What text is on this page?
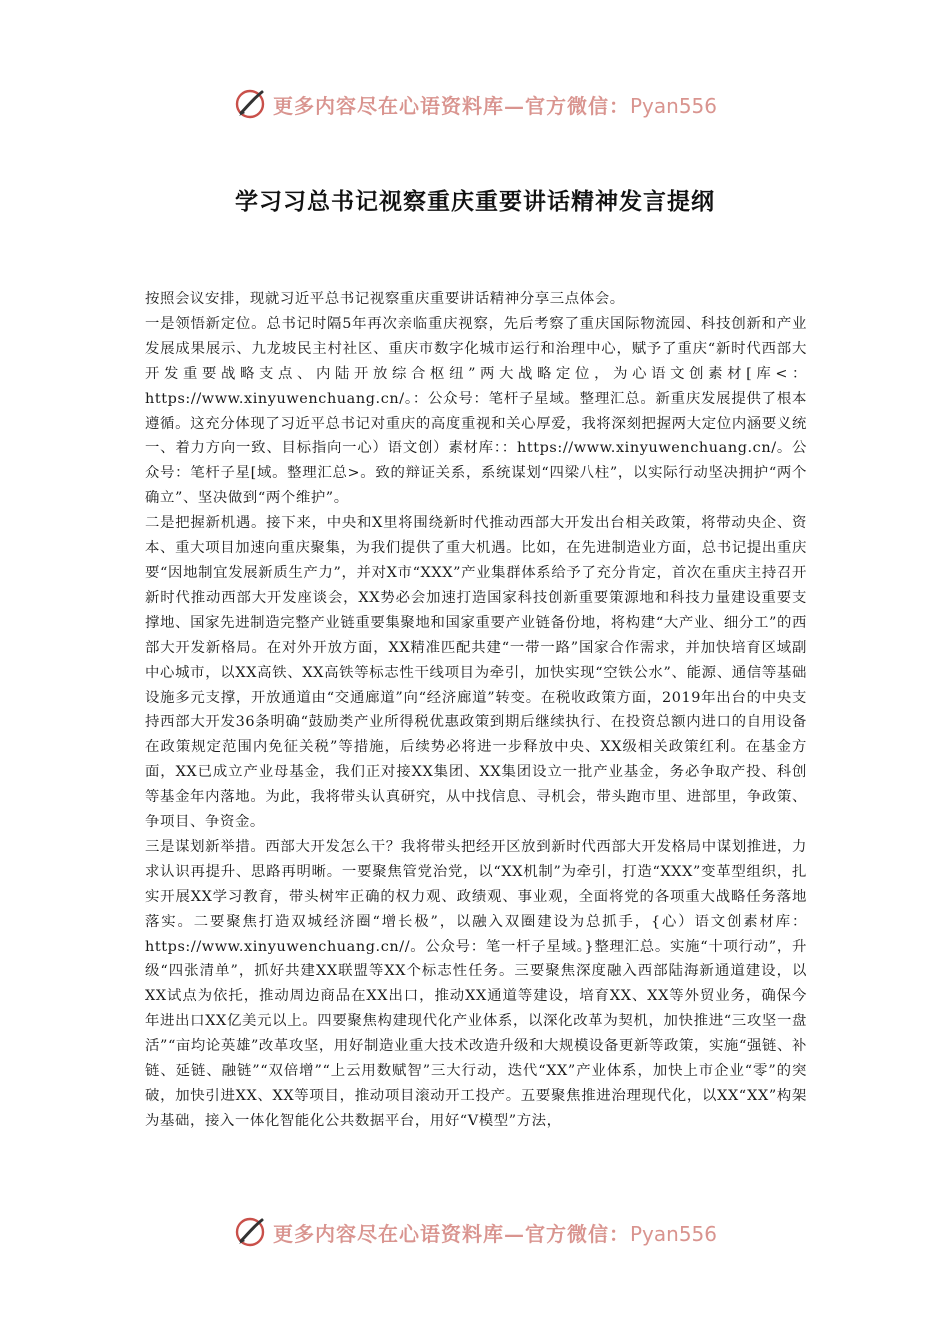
更多内容尽在心语资料库—官方微信：Pyan556
学习习总书记视察重庆重要讲话精神发言提纲

按照会议安排，现就习近平总书记视察重庆重要讲话精神分享三点体会。

一是领悟新定位。总书记时隔5年再次亲临重庆视察，先后考察了重庆国际物流园、科技创新和产业发展成果展示、九龙坡民主村社区、重庆市数字化城市运行和治理中心，赋予了重庆“新时代西部大开发重要战略支点、内陆开放综合枢纽”两大战略定位，为心语文创素材[库<：https://www.xinyuwenchuang.cn/。：公众号：笔杆子星域。整理汇总。新重庆发展提供了根本遵循。这充分体现了习近平总书记对重庆的高度重视和关心厚爱，我将深刻把握两大定位内涵要义统一、着力方向一致、目标指向一心）语文创）素材库：：https://www.xinyuwenchuang.cn/。公众号：笔杆子星[域。整理汇总>。致的辩证关系，系统谋划“四梁八柱”，以实际行动坚决拥护“两个确立”、坚决做到“两个维护”。

二是把握新机遇。接下来，中央和X里将围绕新时代推动西部大开发出台相关政策，将带动央企、资本、重大项目加速向重庆聚集，为我们提供了重大机遇。比如，在先进制造业方面，总书记提出重庆要“因地制宜发展新质生产力”，并对X市“XXX”产业集群体系给予了充分肯定，首次在重庆主持召开新时代推动西部大开发座谈会，XX势必会加速打造国家科技创新重要策源地和科技力量建设重要支撑地、国家先进制造完整产业链重要集聚地和国家重要产业链备份地，将构建“大产业、细分工”的西部大开发新格局。在对外开放方面，XX精准匹配共建“一带一路”国家合作需求，并加快培育区域副中心城市，以XX高铁、XX高铁等标志性干线项目为牵引，加快实现“空铁公水”、能源、通信等基础设施多元支撑，开放通道由“交通廊道”向“经济廊道”转变。在税收政策方面，2019年出台的中央支持西部大开发36条明确“鼓励类产业所得税优惠政策到期后继续执行、在投资总额内进口的自用设备在政策规定范围内免征关税”等措施，后续势必将进一步释放中央、XX级相关政策红利。在基金方面，XX已成立产业母基金，我们正对接XX集团、XX集团设立一批产业基金，务必争取产投、科创等基金年内落地。为此，我将带头认真研究，从中找信息、寻机会，带头跑市里、进部里，争政策、争项目、争资金。

三是谋划新举措。西部大开发怎么干？我将带头把经开区放到新时代西部大开发格局中谋划推进，力求认识再提升、思路再明晰。一要聚焦管党治党，以“XX机制”为牵引，打造“XXX”变革型组织，扎实开展XX学习教育，带头树牢正确的权力观、政绩观、事业观，全面将党的各项重大战略任务落地落实。二要聚焦打造双城经济圈“增长极”，以融入双圈建设为总抓手，{心）语文创素材库：https://www.xinyuwenchuang.cn//。公众号：笔一杆子星域。}整理汇总。实施“十项行动”，升级“四张清单”，抓好共建XX联盟等XX个标志性任务。三要聚焦深度融入西部陆海新通道建设，以XX试点为依托，推动周边商品在XX出口，推动XX通道等建设，培育XX、XX等外贸业务，确保今年进出口XX亿美元以上。四要聚焦构建现代化产业体系，以深化改革为契机，加快推进“三攻坚一盘活”“亩均论英雄”改革攻坚，用好制造业重大技术改造升级和大规模设备更新等政策，实施“强链、补链、延链、融链”“双倍增”“上云用数赋智”三大行动，迭代“XX”产业体系，加快上市企业“零”的突破，加快引进XX、XX等项目，推动项目滚动开工投产。五要聚焦推进治理现代化，以XX“XX”构架为基础，接入一体化智能化公共数据平台，用好“V模型”方法，

更多内容尽在心语资料库—官方微信：Pyan556
